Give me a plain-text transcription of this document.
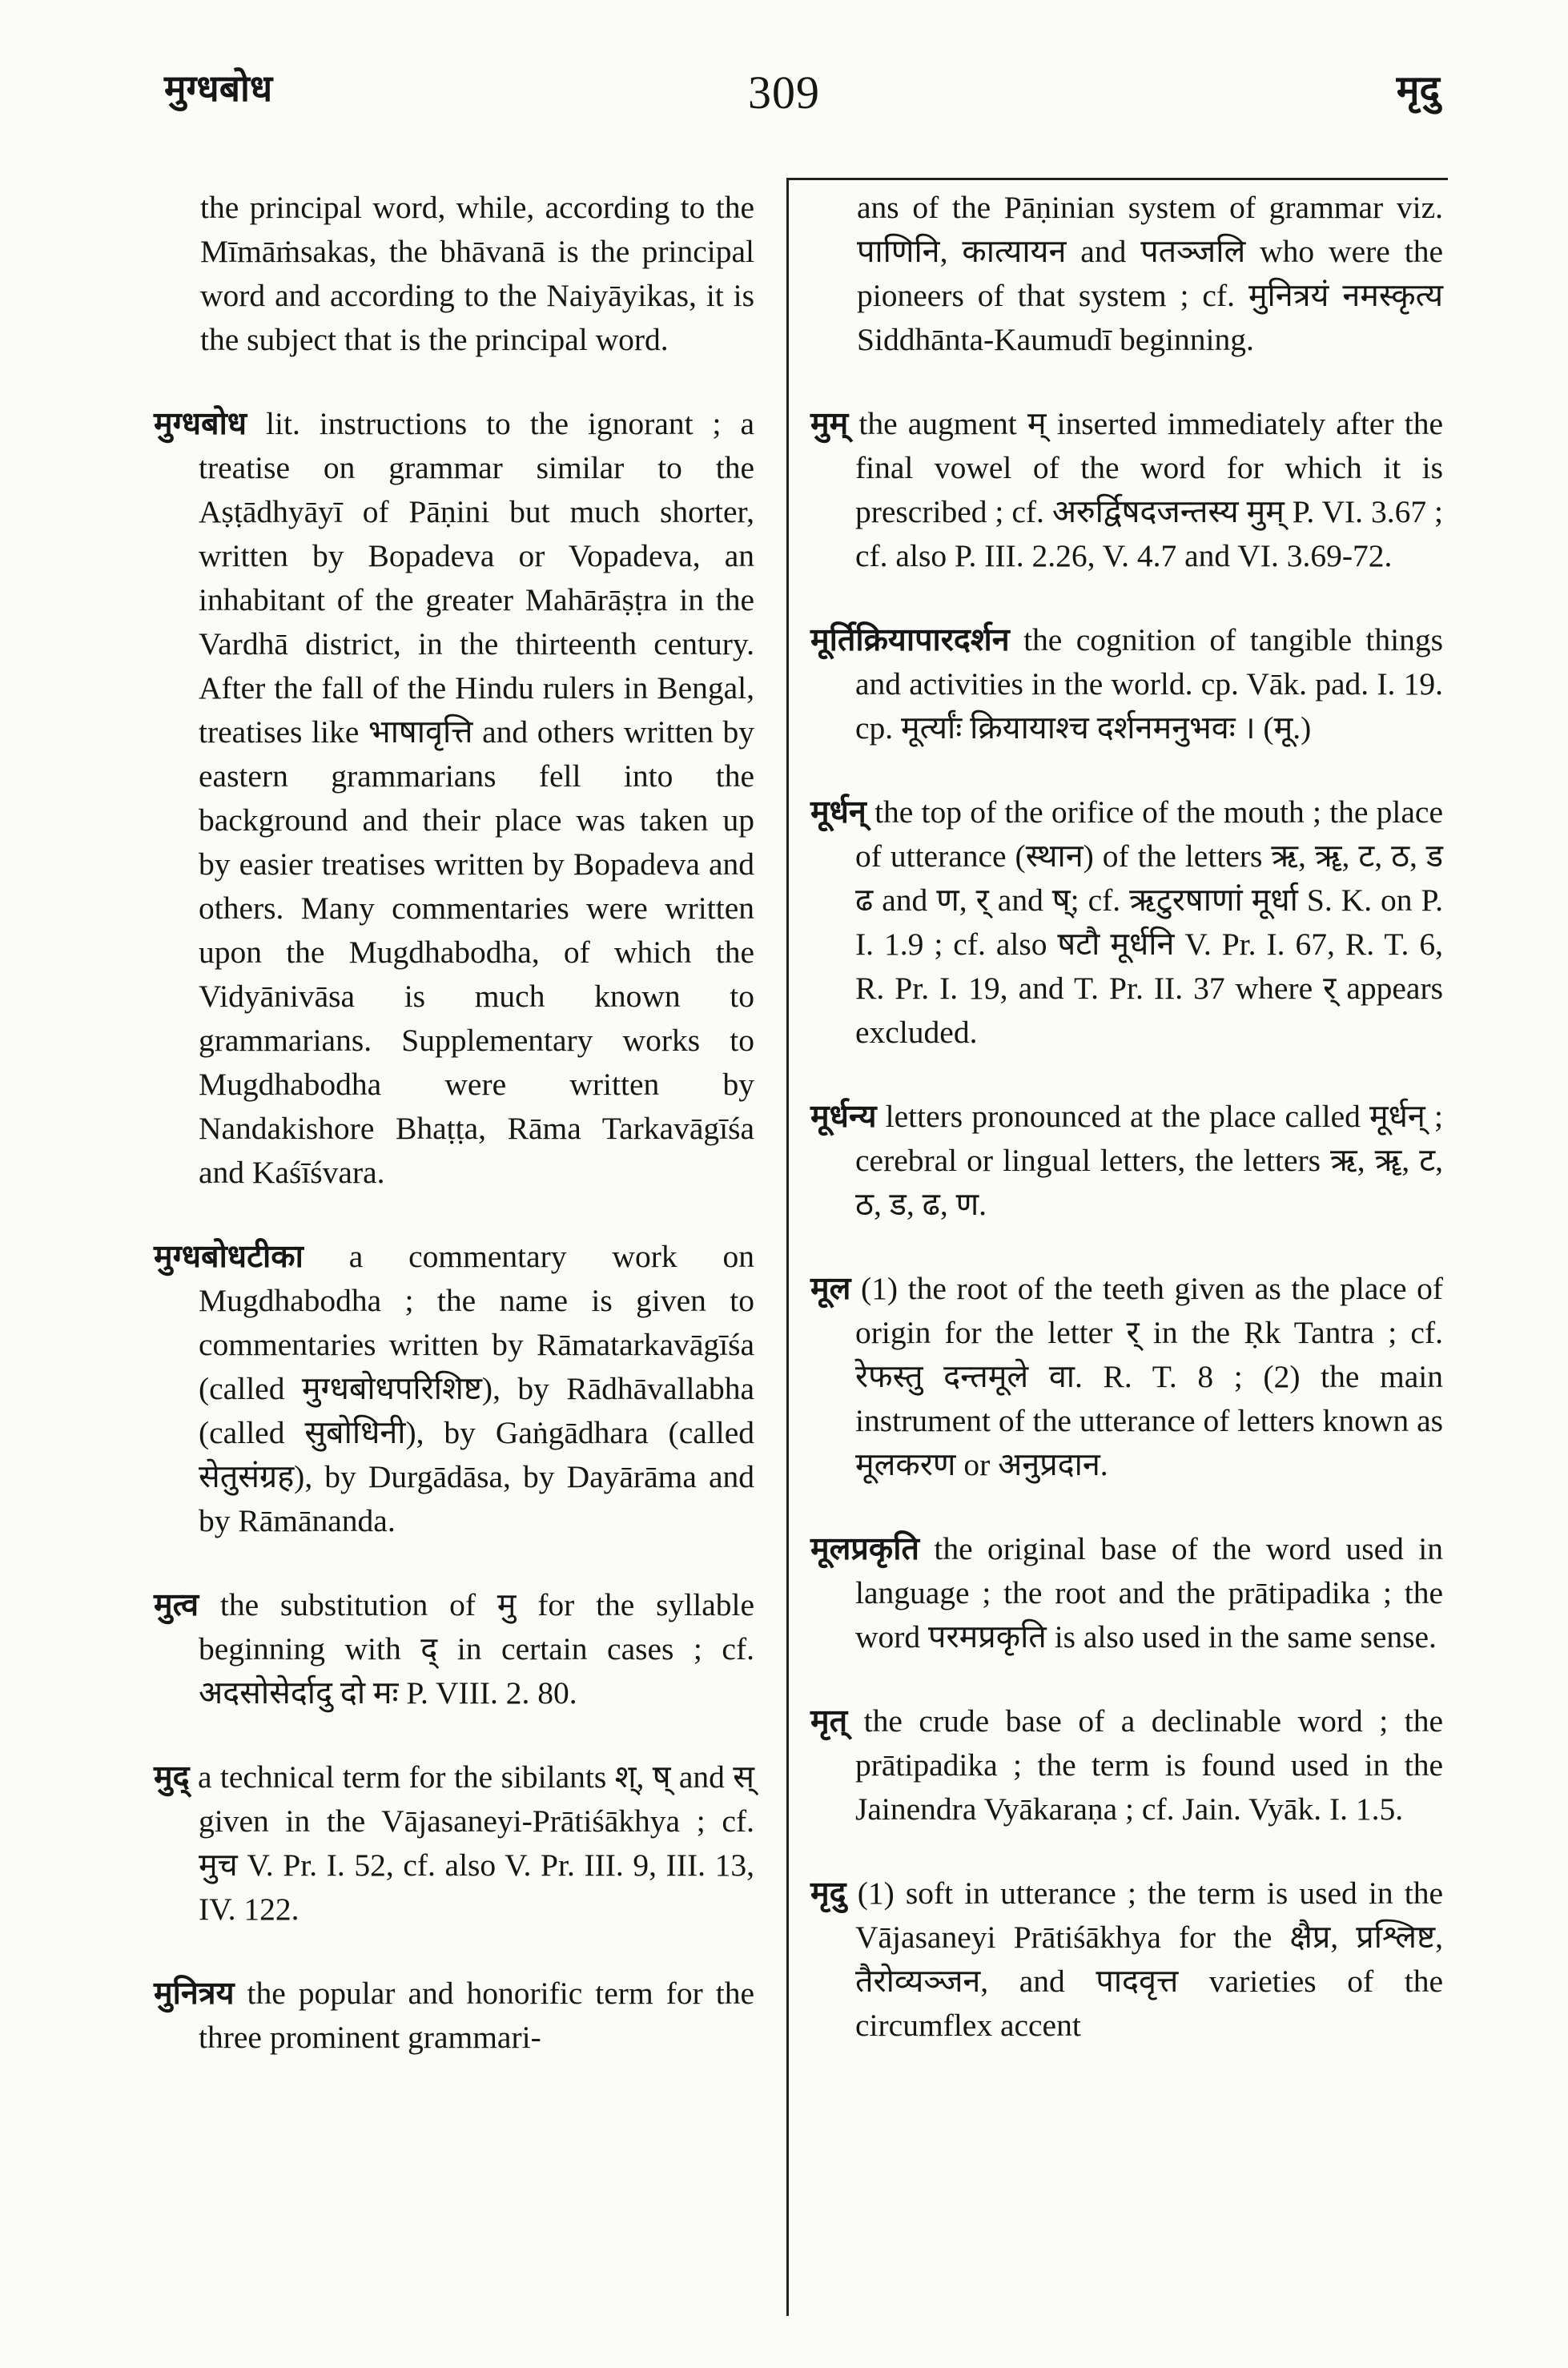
मुग्धबोध	309	मृदु

the principal word, while, according to the Mīmāṁsakas, the bhāvanā is the principal word and according to the Naiyāyikas, it is the subject that is the principal word.

मुग्धबोध lit. instructions to the ignorant ; a treatise on grammar similar to the Aṣṭādhyāyī of Pāṇini but much shorter, written by Bopadeva or Vopadeva, an inhabitant of the greater Mahārāṣṭra in the Vardhā district, in the thirteenth century. After the fall of the Hindu rulers in Bengal, treatises like भाषावृत्ति and others written by eastern grammarians fell into the background and their place was taken up by easier treatises written by Bopadeva and others. Many commentaries were written upon the Mugdhabodha, of which the Vidyānivāsa is much known to grammarians. Supplementary works to Mugdhabodha were written by Nandakishore Bhaṭṭa, Rāma Tarkavāgīśa and Kaśīśvara.

मुग्धबोधटीका a commentary work on Mugdhabodha ; the name is given to commentaries written by Rāmatarkavāgīśa (called मुग्धबोधपरिशिष्ट), by Rādhāvallabha (called सुबोधिनी), by Gaṅgādhara (called सेतुसंग्रह), by Durgādāsa, by Dayārāma and by Rāmānanda.

मुत्व the substitution of मु for the syllable beginning with द् in certain cases ; cf. अदसोसेर्दादु दो मः P. VIII. 2. 80.

मुद् a technical term for the sibilants श्, ष् and स् given in the Vājasaneyi-Prātiśākhya ; cf. मुच V. Pr. I. 52, cf. also V. Pr. III. 9, III. 13, IV. 122.

मुनित्रय the popular and honorific term for the three prominent grammari-

ans of the Pāṇinian system of grammar viz. पाणिनि, कात्यायन and पतञ्जलि who were the pioneers of that system ; cf. मुनित्रयं नमस्कृत्य Siddhānta-Kaumudī beginning.

मुम् the augment म् inserted immediately after the final vowel of the word for which it is prescribed ; cf. अरुर्द्विषदजन्तस्य मुम् P. VI. 3.67 ; cf. also P. III. 2.26, V. 4.7 and VI. 3.69-72.

मूर्तिक्रियापारदर्शन the cognition of tangible things and activities in the world. cp. Vāk. pad. I. 19. cp. मूर्त्यांः क्रियायाश्च दर्शनमनुभवः । (मू.)

मूर्धन् the top of the orifice of the mouth ; the place of utterance (स्थान) of the letters ऋ, ॠ, ट, ठ, ड ढ and ण, र् and ष्; cf. ऋटुरषाणां मूर्धा S. K. on P. I. 1.9 ; cf. also षटौ मूर्धनि V. Pr. I. 67, R. T. 6, R. Pr. I. 19, and T. Pr. II. 37 where र् appears excluded.

मूर्धन्य letters pronounced at the place called मूर्धन् ; cerebral or lingual letters, the letters ऋ, ॠ, ट, ठ, ड, ढ, ण.

मूल (1) the root of the teeth given as the place of origin for the letter र् in the Ṛk Tantra ; cf. रेफस्तु दन्तमूले वा. R. T. 8 ; (2) the main instrument of the utterance of letters known as मूलकरण or अनुप्रदान.

मूलप्रकृति the original base of the word used in language ; the root and the prātipadika ; the word परमप्रकृति is also used in the same sense.

मृत् the crude base of a declinable word ; the prātipadika ; the term is found used in the Jainendra Vyākaraṇa ; cf. Jain. Vyāk. I. 1.5.

मृदु (1) soft in utterance ; the term is used in the Vājasaneyi Prātiśākhya for the क्षैप्र, प्रश्लिष्ट, तैरोव्यञ्जन, and पादवृत्त varieties of the circumflex accent
